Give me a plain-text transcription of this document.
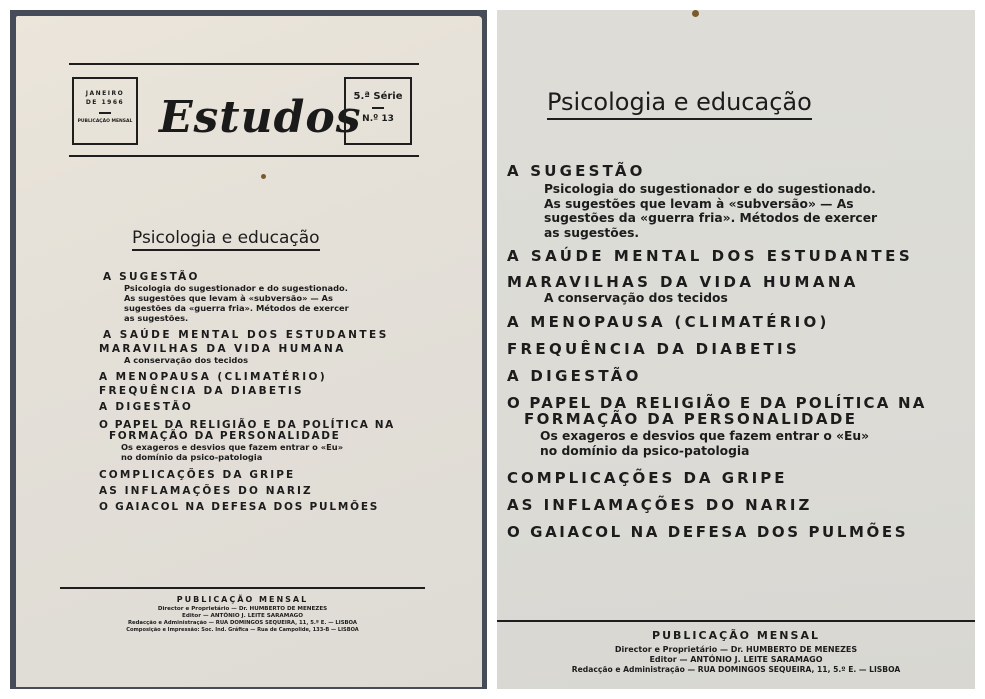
JANEIRO
DE 1966
PUBLICAÇÃO MENSAL Estudos
5.ª Série
N.º 13
Psicologia e educação
A SUGESTÃO
Psicologia do sugestionador e do sugestionado.
As sugestões que levam à «subversão» — As
sugestões da «guerra fria». Métodos de exercer
as sugestões.
A SAÚDE MENTAL DOS ESTUDANTES
MARAVILHAS DA VIDA HUMANA
A conservação dos tecidos
A MENOPAUSA (CLIMATÉRIO)
FREQUÊNCIA DA DIABETIS
A DIGESTÃO
O PAPEL DA RELIGIÃO E DA POLÍTICA NA
FORMAÇÃO DA PERSONALIDADE
Os exageros e desvios que fazem entrar o «Eu»
no domínio da psico-patologia
COMPLICAÇÕES DA GRIPE
AS INFLAMAÇÕES DO NARIZ
O GAIACOL NA DEFESA DOS PULMÕES
PUBLICAÇÃO MENSAL
Director e Proprietário — Dr. HUMBERTO DE MENEZES
Editor — ANTÓNIO J. LEITE SARAMAGO
Redacção e Administração — RUA DOMINGOS SEQUEIRA, 11, 5.º E. — LISBOA
Composição e Impressão: Soc. Ind. Gráfica — Rua de Campolide, 133-B — LISBOA
Psicologia e educação
A SUGESTÃO
Psicologia do sugestionador e do sugestionado.
As sugestões que levam à «subversão» — As
sugestões da «guerra fria». Métodos de exercer
as sugestões.
A SAÚDE MENTAL DOS ESTUDANTES
MARAVILHAS DA VIDA HUMANA
A conservação dos tecidos
A MENOPAUSA (CLIMATÉRIO)
FREQUÊNCIA DA DIABETIS
A DIGESTÃO
O PAPEL DA RELIGIÃO E DA POLÍTICA NA
FORMAÇÃO DA PERSONALIDADE
Os exageros e desvios que fazem entrar o «Eu»
no domínio da psico-patologia
COMPLICAÇÕES DA GRIPE
AS INFLAMAÇÕES DO NARIZ
O GAIACOL NA DEFESA DOS PULMÕES
PUBLICAÇÃO MENSAL
Director e Proprietário — Dr. HUMBERTO DE MENEZES
Editor — ANTÓNIO J. LEITE SARAMAGO
Redacção e Administração — RUA DOMINGOS SEQUEIRA, 11, 5.º E. — LISBOA
